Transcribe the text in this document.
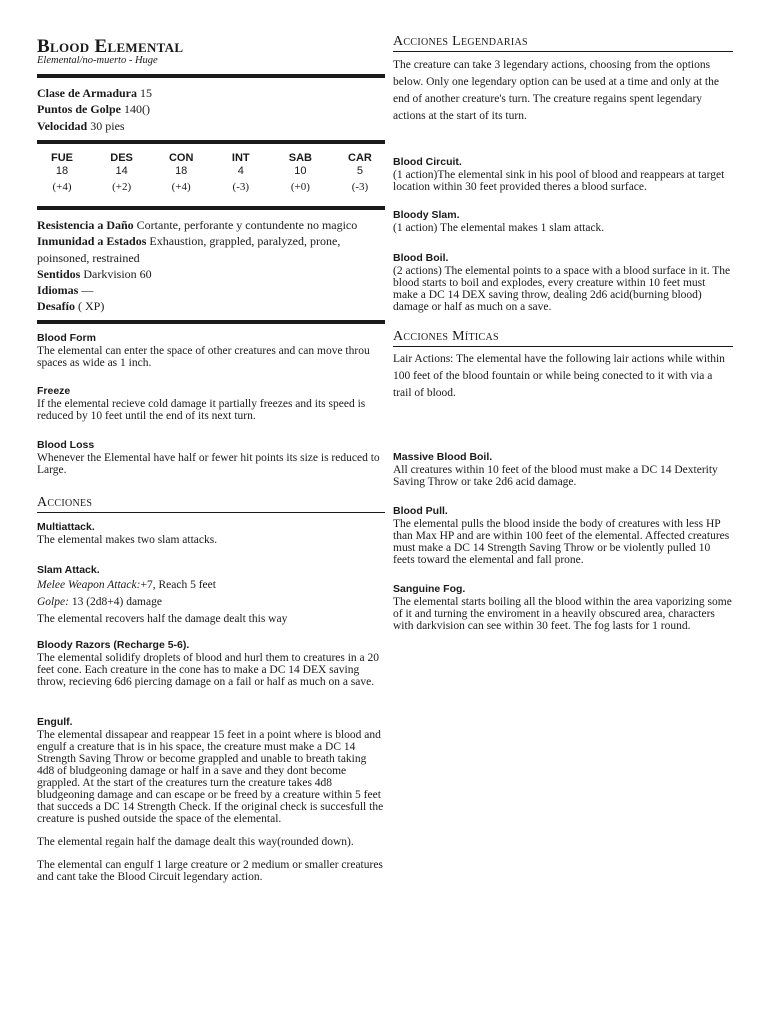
Blood Elemental
Elemental/no-muerto - Huge
Clase de Armadura 15
Puntos de Golpe 140()
Velocidad 30 pies
FUE
18
(+4)
DES
14
(+2)
CON
18
(+4)
INT
4
(-3)
SAB
10
(+0)
CAR
5
(-3)
Resistencia a Daño Cortante, perforante y contundente no magico
Inmunidad a Estados Exhaustion, grappled, paralyzed, prone, poinsoned, restrained
Sentidos Darkvision 60
Idiomas —
Desafío ( XP)
Blood Form
The elemental can enter the space of other creatures and can move throu spaces as wide as 1 inch.
Freeze
If the elemental recieve cold damage it partially freezes and its speed is reduced by 10 feet until the end of its next turn.
Blood Loss
Whenever the Elemental have half or fewer hit points its size is reduced to Large.
Acciones
Multiattack.
The elemental makes two slam attacks.
Slam Attack.
Melee Weapon Attack:+7, Reach 5 feet
Golpe: 13 (2d8+4) damage
The elemental recovers half the damage dealt this way
Bloody Razors (Recharge 5-6).
The elemental solidify droplets of blood and hurl them to creatures in a 20 feet cone. Each creature in the cone has to make a DC 14 DEX saving throw, recieving 6d6 piercing damage on a fail or half as much on a save.
Engulf.
The elemental dissapear and reappear 15 feet in a point where is blood and engulf a creature that is in his space, the creature must make a DC 14 Strength Saving Throw or become grappled and unable to breath taking 4d8 of bludgeoning damage or half in a save and they dont become grappled. At the start of the creatures turn the creature takes 4d8 bludgeoning damage and can escape or be freed by a creature within 5 feet that succeds a DC 14 Strength Check. If the original check is succesfull the creature is pushed outside the space of the elemental.
The elemental regain half the damage dealt this way(rounded down).
The elemental can engulf 1 large creature or 2 medium or smaller creatures and cant take the Blood Circuit legendary action.
Acciones Legendarias
The creature can take 3 legendary actions, choosing from the options below. Only one legendary option can be used at a time and only at the end of another creature's turn. The creature regains spent legendary actions at the start of its turn.
Blood Circuit.
(1 action)The elemental sink in his pool of blood and reappears at target location within 30 feet provided theres a blood surface.
Bloody Slam.
(1 action) The elemental makes 1 slam attack.
Blood Boil.
(2 actions) The elemental points to a space with a blood surface in it. The blood starts to boil and explodes, every creature within 10 feet must make a DC 14 DEX saving throw, dealing 2d6 acid(burning blood) damage or half as much on a save.
Acciones Míticas
Lair Actions: The elemental have the following lair actions while within 100 feet of the blood fountain or while being conected to it with via a trail of blood.
Massive Blood Boil.
All creatures within 10 feet of the blood must make a DC 14 Dexterity Saving Throw or take 2d6 acid damage.
Blood Pull.
The elemental pulls the blood inside the body of creatures with less HP than Max HP and are within 100 feet of the elemental. Affected creatures must make a DC 14 Strength Saving Throw or be violently pulled 10 feets toward the elemental and fall prone.
Sanguine Fog.
The elemental starts boiling all the blood within the area vaporizing some of it and turning the enviroment in a heavily obscured area, characters with darkvision can see within 30 feet. The fog lasts for 1 round.
